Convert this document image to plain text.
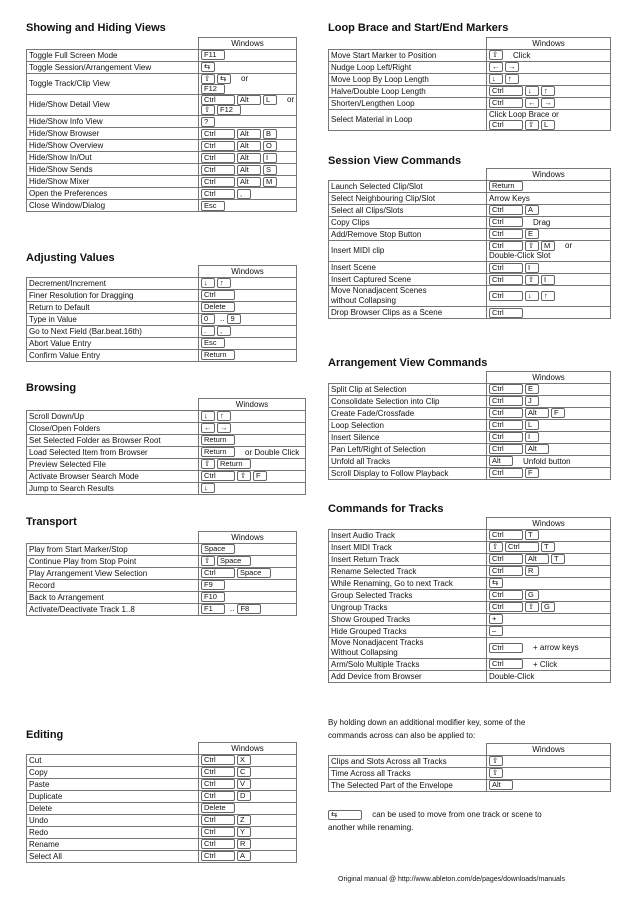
Showing and Hiding Views
	Windows
Toggle Full Screen Mode	F11
Toggle Session/Arrangement View	⇆
Toggle Track/Clip View	⇧ ⇆ or
F12
Hide/Show Detail View	Ctrl Alt L or
⇧ F12
Hide/Show Info View	?
Hide/Show Browser	Ctrl Alt B
Hide/Show Overview	Ctrl Alt O
Hide/Show In/Out	Ctrl Alt I
Hide/Show Sends	Ctrl Alt S
Hide/Show Mixer	Ctrl Alt M
Open the Preferences	Ctrl ,
Close Window/Dialog	Esc
Adjusting Values
	Windows
Decrement/Increment	↓ ↑
Finer Resolution for Dragging	Ctrl
Return to Default	Delete
Type in Value	0 .. 9
Go to Next Field (Bar.beat.16th)	. ,
Abort Value Entry	Esc
Confirm Value Entry	Return
Browsing
	Windows
Scroll Down/Up	↓ ↑
Close/Open Folders	← →
Set Selected Folder as Browser Root	Return
Load Selected Item from Browser	Return or Double Click
Preview Selected File	⇧ Return
Activate Browser Search Mode	Ctrl ⇧ F
Jump to Search Results	↓
Transport
	Windows
Play from Start Marker/Stop	Space
Continue Play from Stop Point	⇧ Space
Play Arrangement View Selection	Ctrl Space
Record	F9
Back to Arrangement	F10
Activate/Deactivate Track 1..8	F1 .. F8
Editing
	Windows
Cut	Ctrl X
Copy	Ctrl C
Paste	Ctrl V
Duplicate	Ctrl D
Delete	Delete
Undo	Ctrl Z
Redo	Ctrl Y
Rename	Ctrl R
Select All	Ctrl A
Loop Brace and Start/End Markers
	Windows
Move Start Marker to Position	⇧ Click
Nudge Loop Left/Right	← →
Move Loop By Loop Length	↓ ↑
Halve/Double Loop Length	Ctrl ↓ ↑
Shorten/Lengthen Loop	Ctrl ← →
Select Material in Loop	Click Loop Brace or
Ctrl ⇧ L
Session View Commands
	Windows
Launch Selected Clip/Slot	Return
Select Neighbouring Clip/Slot	Arrow Keys
Select all Clips/Slots	Ctrl A
Copy Clips	Ctrl Drag
Add/Remove Stop Button	Ctrl E
Insert MIDI clip	Ctrl ⇧ M or
Double-Click Slot
Insert Scene	Ctrl I
Insert Captured Scene	Ctrl ⇧ I
Move Nonadjacent Scenes
without Collapsing	Ctrl ↓ ↑
Drop Browser Clips as a Scene	Ctrl
Arrangement View Commands
	Windows
Split Clip at Selection	Ctrl E
Consolidate Selection into Clip	Ctrl J
Create Fade/Crossfade	Ctrl Alt F
Loop Selection	Ctrl L
Insert Silence	Ctrl I
Pan Left/Right of Selection	Ctrl Alt
Unfold all Tracks	Alt Unfold button
Scroll Display to Follow Playback	Ctrl F
Commands for Tracks
	Windows
Insert Audio Track	Ctrl T
Insert MIDI Track	⇧ Ctrl T
Insert Return Track	Ctrl Alt T
Rename Selected Track	Ctrl R
While Renaming, Go to next Track	⇆
Group Selected Tracks	Ctrl G
Ungroup Tracks	Ctrl ⇧ G
Show Grouped Tracks	+
Hide Grouped Tracks	–
Move Nonadjacent Tracks
Without Collapsing	Ctrl + arrow keys
Arm/Solo Multiple Tracks	Ctrl + Click
Add Device from Browser	Double-Click
By holding down an additional modifier key, some of the
commands across can also be applied to:
	Windows
Clips and Slots Across all Tracks	⇧
Time Across all Tracks	⇧
The Selected Part of the Envelope	Alt
⇆	can be used to move from one track or scene to
another while renaming.
Original manual @ http://www.ableton.com/de/pages/downloads/manuals
